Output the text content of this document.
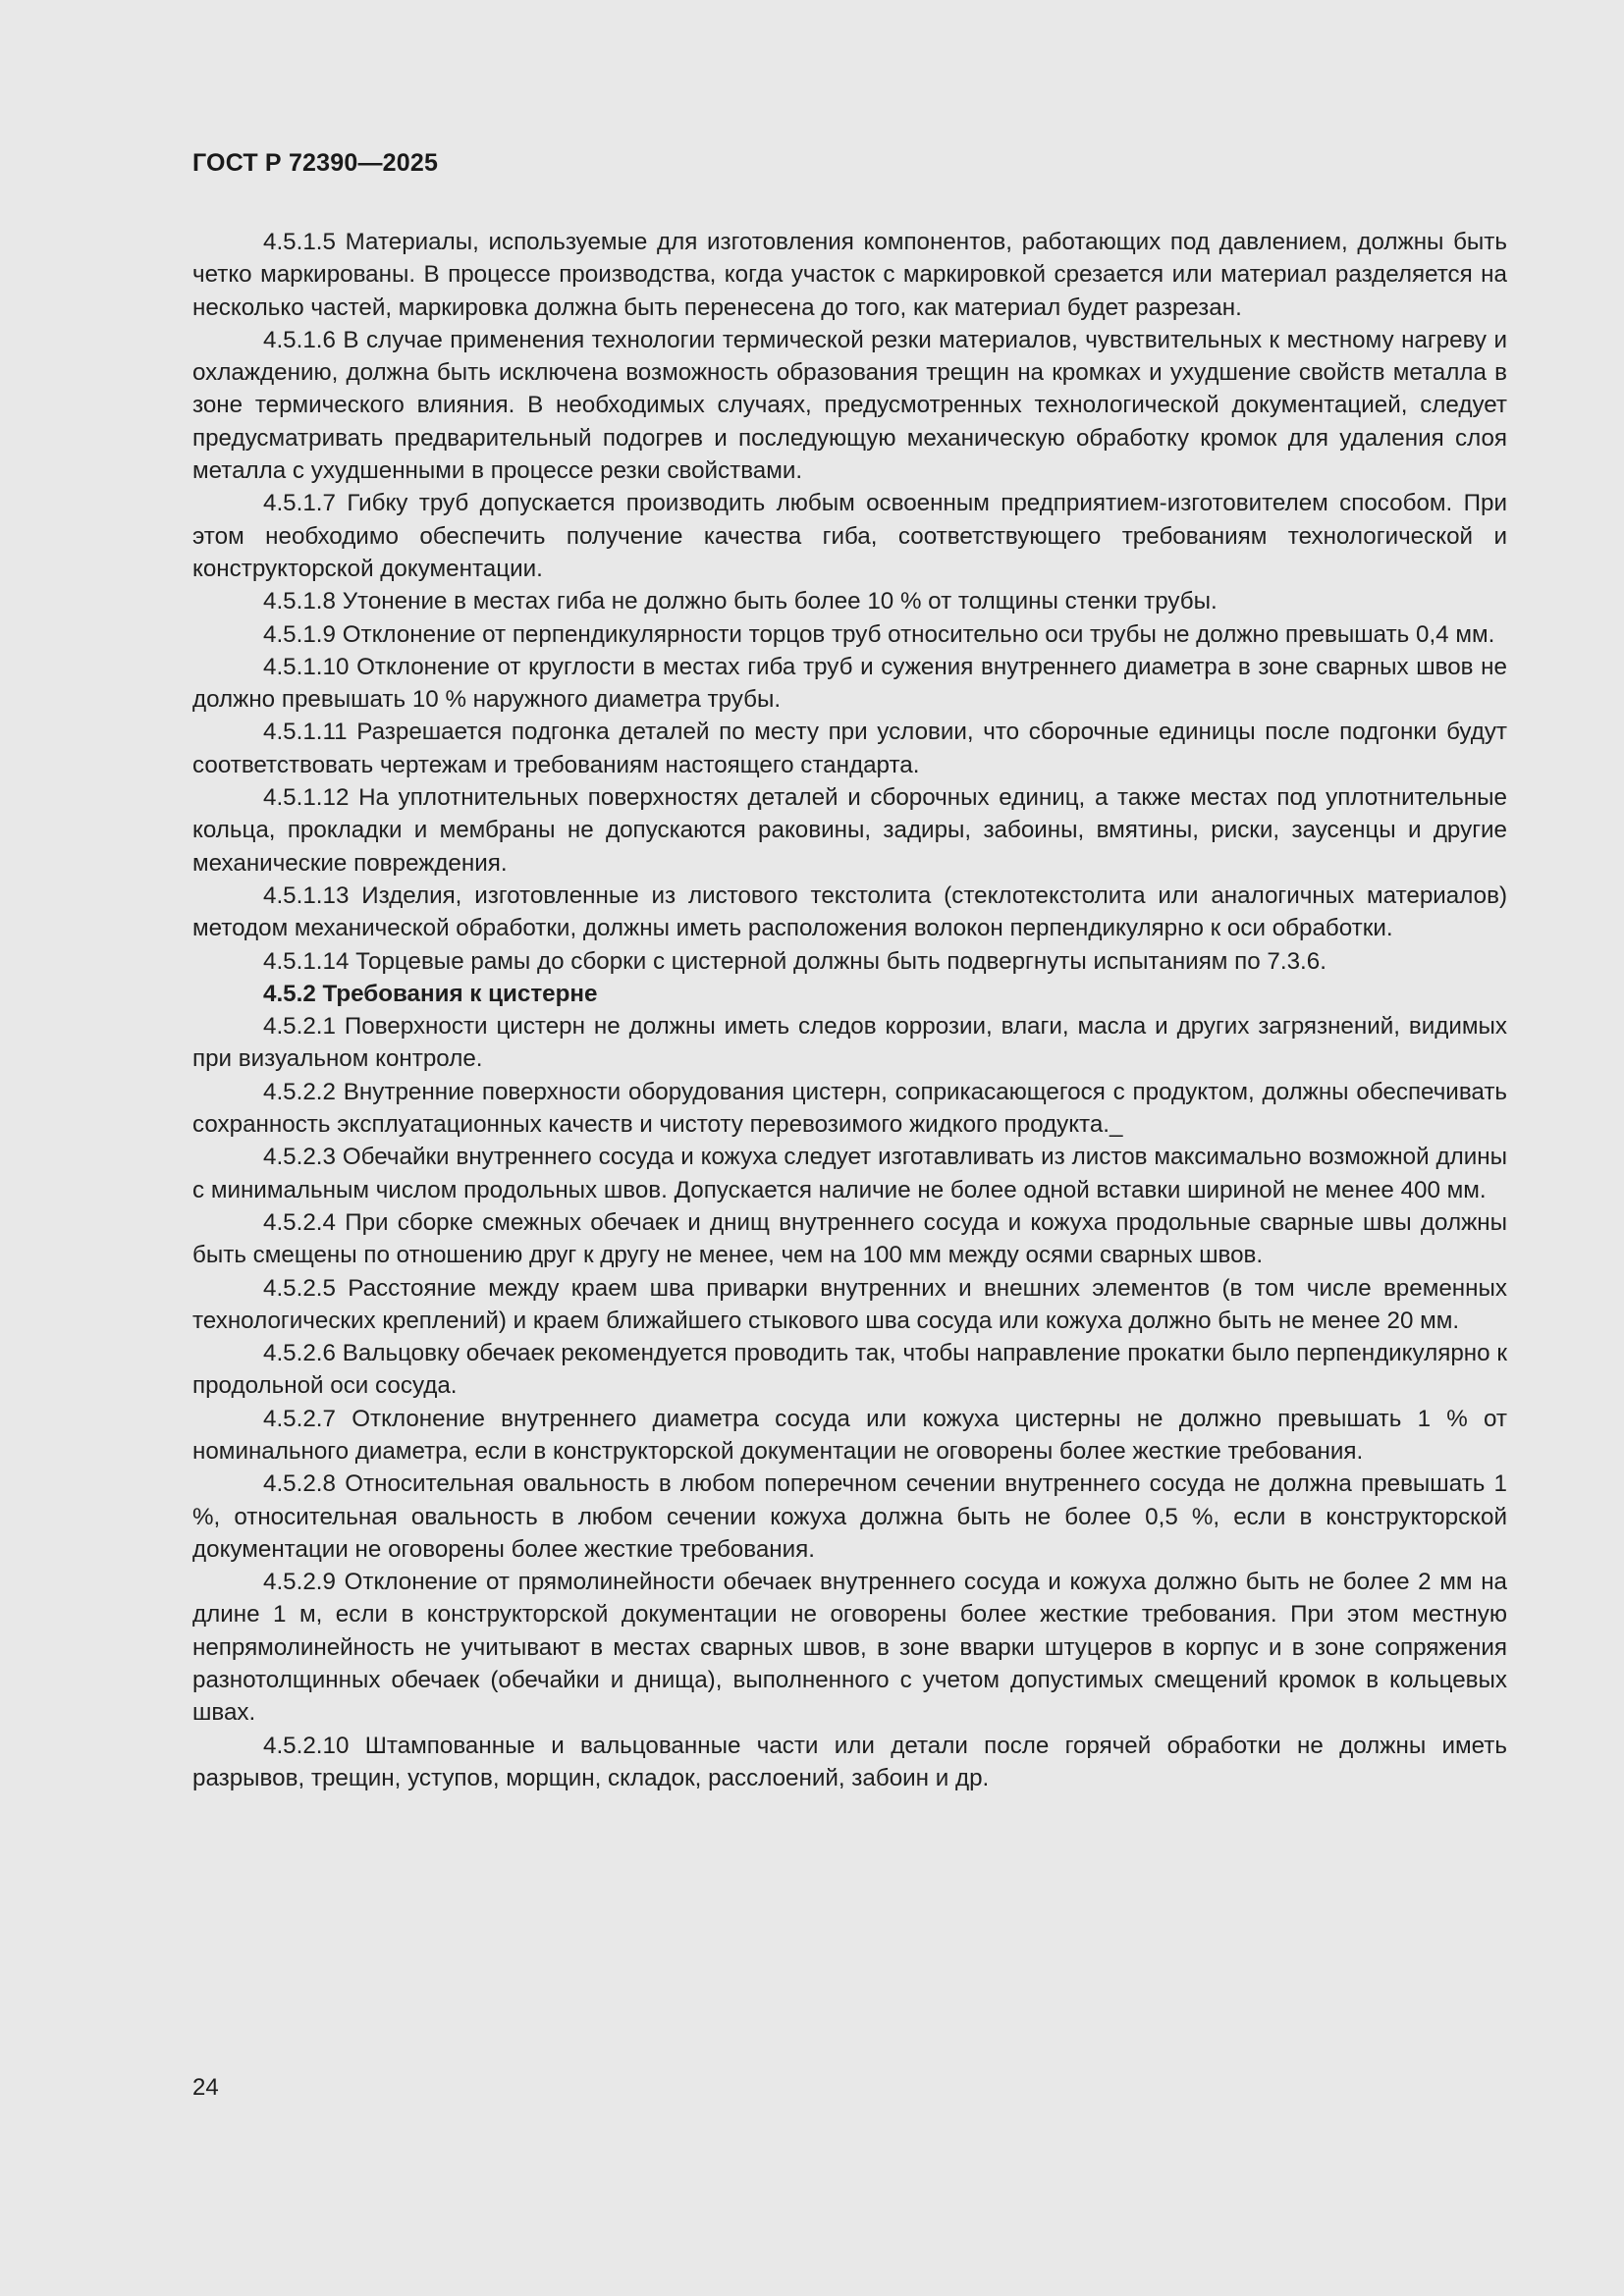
ГОСТ Р 72390—2025

4.5.1.5 Материалы, используемые для изготовления компонентов, работающих под давлением, должны быть четко маркированы. В процессе производства, когда участок с маркировкой срезается или материал разделяется на несколько частей, маркировка должна быть перенесена до того, как материал будет разрезан.

4.5.1.6 В случае применения технологии термической резки материалов, чувствительных к местному нагреву и охлаждению, должна быть исключена возможность образования трещин на кромках и ухудшение свойств металла в зоне термического влияния. В необходимых случаях, предусмотренных технологической документацией, следует предусматривать предварительный подогрев и последующую механическую обработку кромок для удаления слоя металла с ухудшенными в процессе резки свойствами.

4.5.1.7 Гибку труб допускается производить любым освоенным предприятием-изготовителем способом. При этом необходимо обеспечить получение качества гиба, соответствующего требованиям технологической и конструкторской документации.

4.5.1.8 Утонение в местах гиба не должно быть более 10 % от толщины стенки трубы.

4.5.1.9 Отклонение от перпендикулярности торцов труб относительно оси трубы не должно превышать 0,4 мм.

4.5.1.10 Отклонение от круглости в местах гиба труб и сужения внутреннего диаметра в зоне сварных швов не должно превышать 10 % наружного диаметра трубы.

4.5.1.11 Разрешается подгонка деталей по месту при условии, что сборочные единицы после подгонки будут соответствовать чертежам и требованиям настоящего стандарта.

4.5.1.12 На уплотнительных поверхностях деталей и сборочных единиц, а также местах под уплотнительные кольца, прокладки и мембраны не допускаются раковины, задиры, забоины, вмятины, риски, заусенцы и другие механические повреждения.

4.5.1.13 Изделия, изготовленные из листового текстолита (стеклотекстолита или аналогичных материалов) методом механической обработки, должны иметь расположения волокон перпендикулярно к оси обработки.

4.5.1.14 Торцевые рамы до сборки с цистерной должны быть подвергнуты испытаниям по 7.3.6.

4.5.2 Требования к цистерне

4.5.2.1 Поверхности цистерн не должны иметь следов коррозии, влаги, масла и других загрязнений, видимых при визуальном контроле.

4.5.2.2 Внутренние поверхности оборудования цистерн, соприкасающегося с продуктом, должны обеспечивать сохранность эксплуатационных качеств и чистоту перевозимого жидкого продукта._

4.5.2.3 Обечайки внутреннего сосуда и кожуха следует изготавливать из листов максимально возможной длины с минимальным числом продольных швов. Допускается наличие не более одной вставки шириной не менее 400 мм.

4.5.2.4 При сборке смежных обечаек и днищ внутреннего сосуда и кожуха продольные сварные швы должны быть смещены по отношению друг к другу не менее, чем на 100 мм между осями сварных швов.

4.5.2.5 Расстояние между краем шва приварки внутренних и внешних элементов (в том числе временных технологических креплений) и краем ближайшего стыкового шва сосуда или кожуха должно быть не менее 20 мм.

4.5.2.6 Вальцовку обечаек рекомендуется проводить так, чтобы направление прокатки было перпендикулярно к продольной оси сосуда.

4.5.2.7 Отклонение внутреннего диаметра сосуда или кожуха цистерны не должно превышать 1 % от номинального диаметра, если в конструкторской документации не оговорены более жесткие требования.

4.5.2.8 Относительная овальность в любом поперечном сечении внутреннего сосуда не должна превышать 1 %, относительная овальность в любом сечении кожуха должна быть не более 0,5 %, если в конструкторской документации не оговорены более жесткие требования.

4.5.2.9 Отклонение от прямолинейности обечаек внутреннего сосуда и кожуха должно быть не более 2 мм на длине 1 м, если в конструкторской документации не оговорены более жесткие требования. При этом местную непрямолинейность не учитывают в местах сварных швов, в зоне вварки штуцеров в корпус и в зоне сопряжения разнотолщинных обечаек (обечайки и днища), выполненного с учетом допустимых смещений кромок в кольцевых швах.

4.5.2.10 Штампованные и вальцованные части или детали после горячей обработки не должны иметь разрывов, трещин, уступов, морщин, складок, расслоений, забоин и др.

24
